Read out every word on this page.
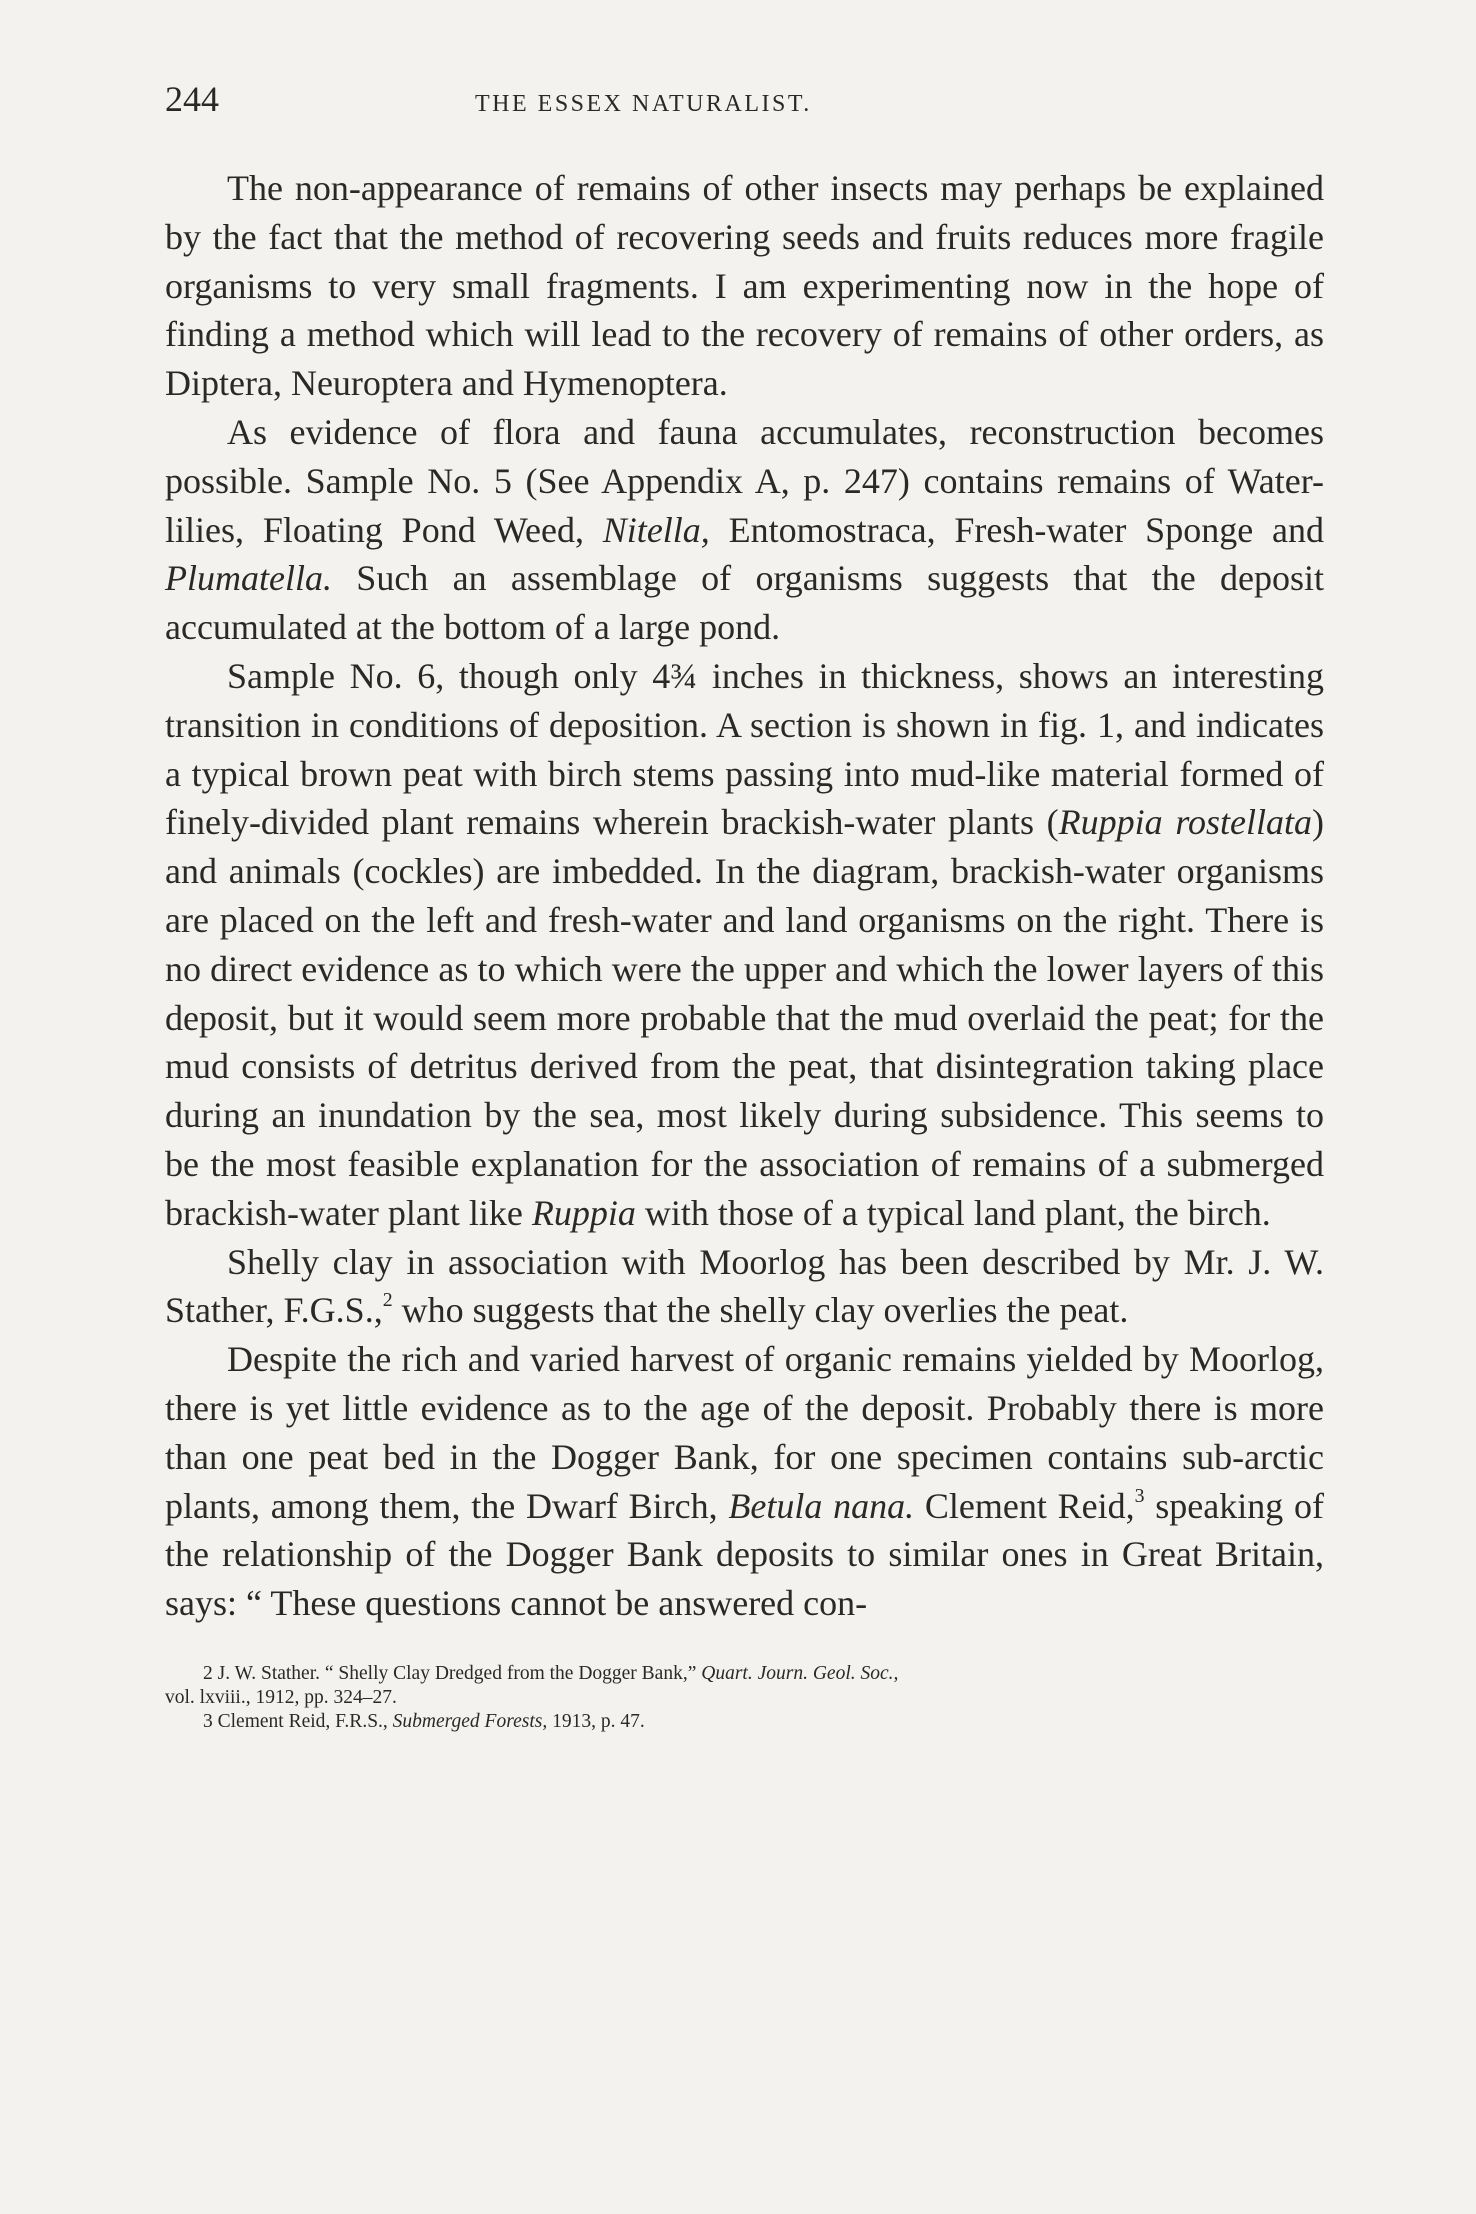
244	THE ESSEX NATURALIST.

The non-appearance of remains of other insects may perhaps be explained by the fact that the method of recovering seeds and fruits reduces more fragile organisms to very small fragments. I am experimenting now in the hope of finding a method which will lead to the recovery of remains of other orders, as Diptera, Neuroptera and Hymenoptera.

As evidence of flora and fauna accumulates, reconstruction becomes possible. Sample No. 5 (See Appendix A, p. 247) contains remains of Water-lilies, Floating Pond Weed, Nitella, Entomostraca, Fresh-water Sponge and Plumatella. Such an assemblage of organisms suggests that the deposit accumulated at the bottom of a large pond.

Sample No. 6, though only 4¾ inches in thickness, shows an interesting transition in conditions of deposition. A section is shown in fig. 1, and indicates a typical brown peat with birch stems passing into mud-like material formed of finely-divided plant remains wherein brackish-water plants (Ruppia rostellata) and animals (cockles) are imbedded. In the diagram, brackish-water organisms are placed on the left and fresh-water and land organisms on the right. There is no direct evidence as to which were the upper and which the lower layers of this deposit, but it would seem more probable that the mud overlaid the peat; for the mud consists of detritus derived from the peat, that disintegration taking place during an inundation by the sea, most likely during subsidence. This seems to be the most feasible explanation for the association of remains of a submerged brackish-water plant like Ruppia with those of a typical land plant, the birch.

Shelly clay in association with Moorlog has been described by Mr. J. W. Stather, F.G.S.,$^2$ who suggests that the shelly clay overlies the peat.

Despite the rich and varied harvest of organic remains yielded by Moorlog, there is yet little evidence as to the age of the deposit. Probably there is more than one peat bed in the Dogger Bank, for one specimen contains sub-arctic plants, among them, the Dwarf Birch, Betula nana. Clement Reid,$^3$ speaking of the relationship of the Dogger Bank deposits to similar ones in Great Britain, says: “ These questions cannot be answered con-

2 J. W. Stather. “ Shelly Clay Dredged from the Dogger Bank,” Quart. Journ. Geol. Soc.,

vol. lxviii., 1912, pp. 324–27.

3 Clement Reid, F.R.S., Submerged Forests, 1913, p. 47.
